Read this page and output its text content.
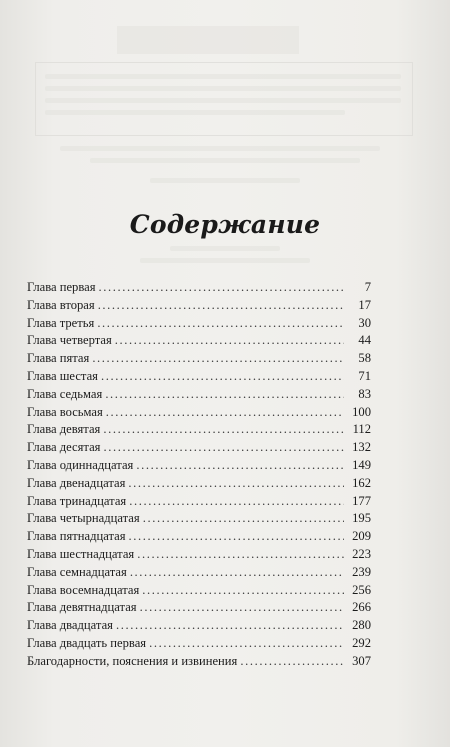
Содержание
Глава первая .....	7
Глава вторая .....	17
Глава третья .....	30
Глава четвертая .....	44
Глава пятая .....	58
Глава шестая .....	71
Глава седьмая .....	83
Глава восьмая .....	100
Глава девятая .....	112
Глава десятая .....	132
Глава одиннадцатая .....	149
Глава двенадцатая .....	162
Глава тринадцатая .....	177
Глава четырнадцатая .....	195
Глава пятнадцатая .....	209
Глава шестнадцатая .....	223
Глава семнадцатая .....	239
Глава восемнадцатая .....	256
Глава девятнадцатая .....	266
Глава двадцатая .....	280
Глава двадцать первая .....	292
Благодарности, пояснения и извинения .....	307
